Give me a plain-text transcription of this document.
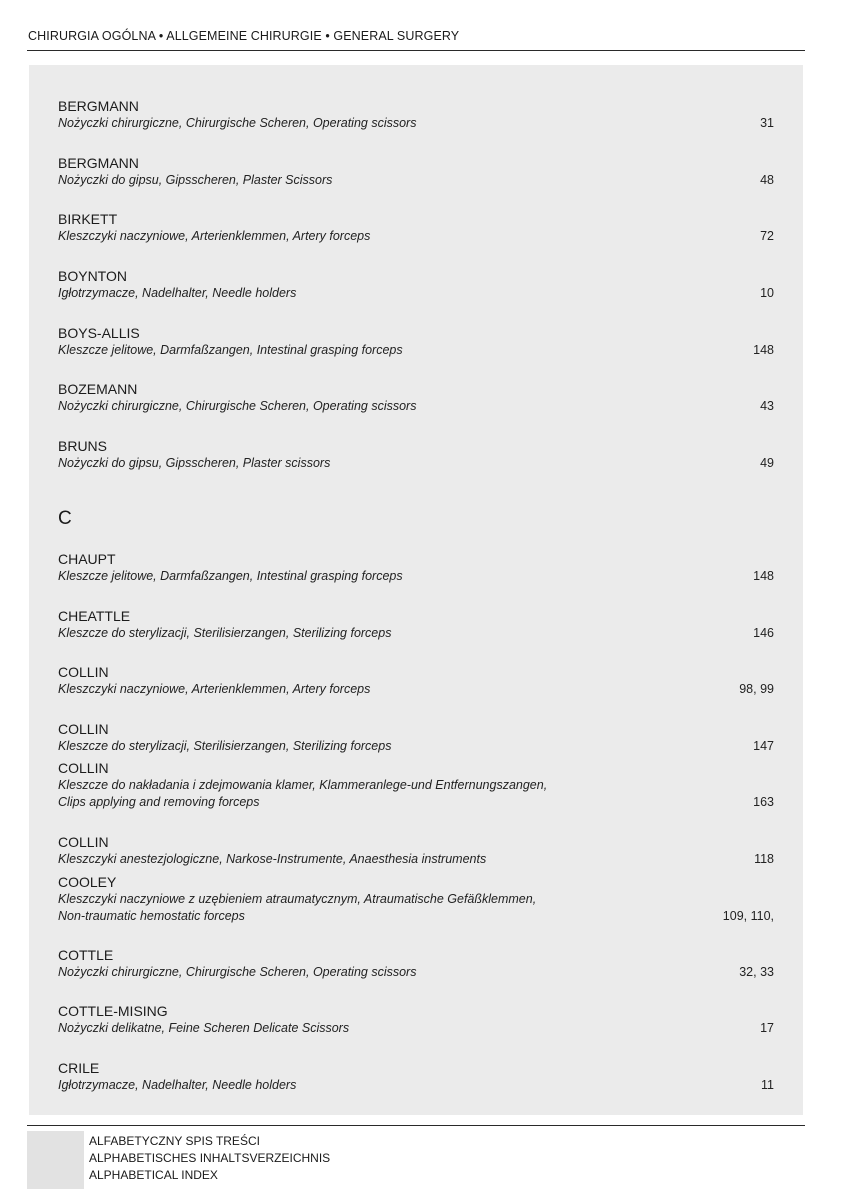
CHIRURGIA OGÓLNA • ALLGEMEINE CHIRURGIE • GENERAL SURGERY
BERGMANN
Nożyczki chirurgiczne, Chirurgische Scheren, Operating scissors	31
BERGMANN
Nożyczki do gipsu, Gipsscheren, Plaster Scissors	48
BIRKETT
Kleszczyki naczyniowe, Arterienklemmen, Artery forceps	72
BOYNTON
Igłotrzymacze, Nadelhalter, Needle holders	10
BOYS-ALLIS
Kleszcze jelitowe, Darmfaßzangen, Intestinal grasping forceps	148
BOZEMANN
Nożyczki chirurgiczne, Chirurgische Scheren, Operating scissors	43
BRUNS
Nożyczki do gipsu, Gipsscheren, Plaster scissors	49
C
CHAUPT
Kleszcze jelitowe, Darmfaßzangen, Intestinal grasping forceps	148
CHEATTLE
Kleszcze do sterylizacji, Sterilisierzangen, Sterilizing forceps	146
COLLIN
Kleszczyki naczyniowe, Arterienklemmen, Artery forceps	98, 99
COLLIN
Kleszcze do sterylizacji, Sterilisierzangen, Sterilizing forceps	147
COLLIN
Kleszcze do nakładania i zdejmowania klamer, Klammeranlege-und Entfernungszangen,
Clips applying and removing forceps	163
COLLIN
Kleszczyki anestezjologiczne, Narkose-Instrumente, Anaesthesia instruments	118
COOLEY
Kleszczyki naczyniowe z uzębieniem atraumatycznym, Atraumatische Gefäßklemmen,
Non-traumatic hemostatic forceps	109, 110,
COTTLE
Nożyczki chirurgiczne, Chirurgische Scheren, Operating scissors	32, 33
COTTLE-MISING
Nożyczki delikatne, Feine Scheren Delicate Scissors	17
CRILE
Igłotrzymacze, Nadelhalter, Needle holders	11
ALFABETYCZNY SPIS TREŚCI
ALPHABETISCHES INHALTSVERZEICHNIS
ALPHABETICAL INDEX
